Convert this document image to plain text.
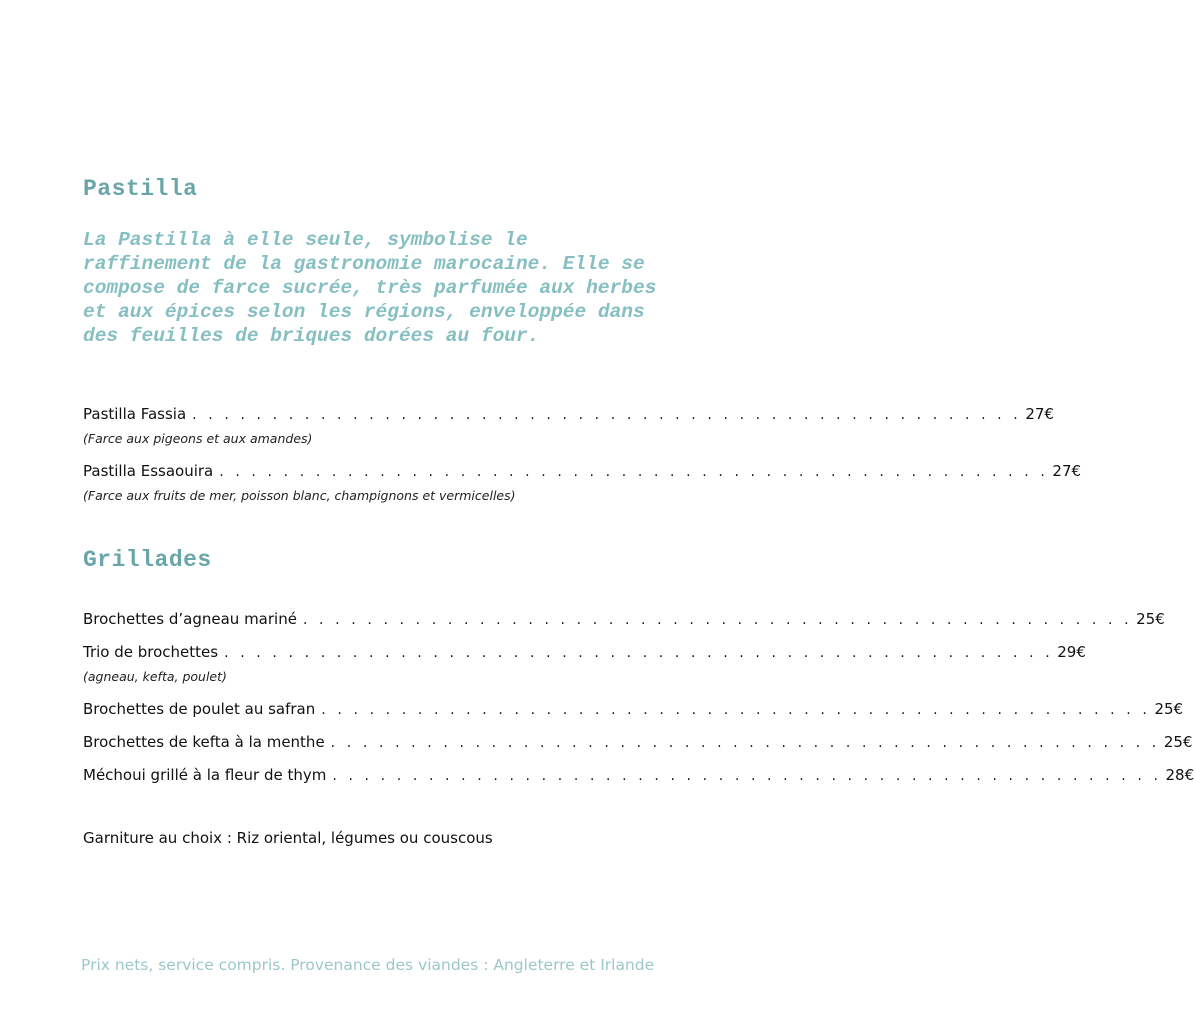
Pastilla

La Pastilla à elle seule, symbolise le raffinement de la gastronomie marocaine. Elle se compose de farce sucrée, très parfumée aux herbes et aux épices selon les régions, enveloppée dans des feuilles de briques dorées au four.

Pastilla Fassia . . . . . . . . . . . . . . . . . . . . . . . . . . . . . . . . . . . . . . . . . . . . . . . . . . . . 27€
(Farce aux pigeons et aux amandes)
Pastilla Essaouira . . . . . . . . . . . . . . . . . . . . . . . . . . . . . . . . . . . . . . . . . . . . . . . . . . . . 27€
(Farce aux fruits de mer, poisson blanc, champignons et vermicelles)
Grillades
Brochettes d’agneau mariné . . . . . . . . . . . . . . . . . . . . . . . . . . . . . . . . . . . . . . . . . . . . . . . . . . . . 25€
Trio de brochettes . . . . . . . . . . . . . . . . . . . . . . . . . . . . . . . . . . . . . . . . . . . . . . . . . . . . 29€
(agneau, kefta, poulet)
Brochettes de poulet au safran . . . . . . . . . . . . . . . . . . . . . . . . . . . . . . . . . . . . . . . . . . . . . . . . . . . . 25€
Brochettes de kefta à la menthe . . . . . . . . . . . . . . . . . . . . . . . . . . . . . . . . . . . . . . . . . . . . . . . . . . . . 25€
Méchoui grillé à la fleur de thym . . . . . . . . . . . . . . . . . . . . . . . . . . . . . . . . . . . . . . . . . . . . . . . . . . . . 28€
Garniture au choix : Riz oriental, légumes ou couscous
Prix nets, service compris. Provenance des viandes : Angleterre et Irlande
